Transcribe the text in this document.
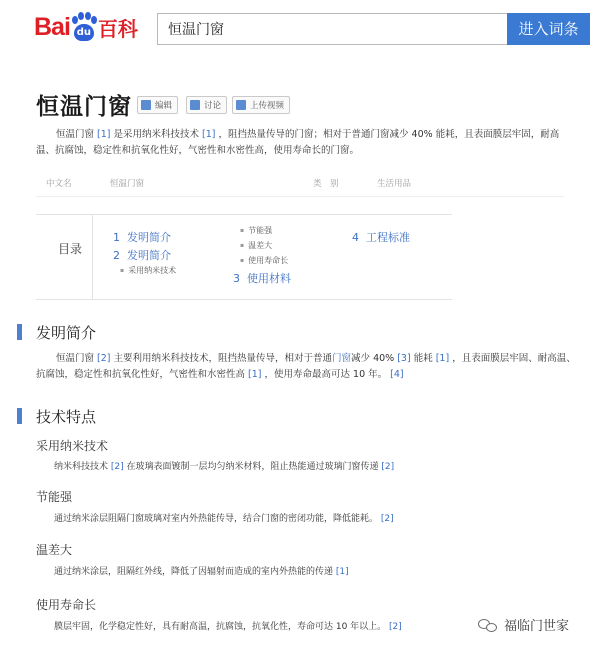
Bai du 百科	恒温门窗	进入词条
恒温门窗	编辑	讨论	上传视频
恒温门窗 [1] 是采用纳米科技技术 [1] ，阻挡热量传导的门窗；相对于普通门窗减少 40% 能耗，且表面膜层牢固，耐高温、抗腐蚀，稳定性和抗氧化性好，气密性和水密性高，使用寿命长的门窗。
中文名	恒温门窗	类　别	生活用品
目录
1 发明简介
2 发明简介
▪ 采用纳米技术
▪ 节能强
▪ 温差大
▪ 使用寿命长
3 使用材料
4 工程标准
发明简介
恒温门窗 [2] 主要利用纳米科技技术，阻挡热量传导，相对于普通门窗减少 40% [3] 能耗 [1] ，且表面膜层牢固、耐高温、抗腐蚀，稳定性和抗氧化性好，气密性和水密性高 [1] ，使用寿命最高可达 10 年。 [4]
技术特点
采用纳米技术
纳米科技技术 [2] 在玻璃表面镀制一层均匀纳米材料，阻止热能通过玻璃门窗传递 [2]
节能强
通过纳米涂层阻隔门窗玻璃对室内外热能传导，结合门窗的密闭功能，降低能耗。 [2]
温差大
通过纳米涂层，阻隔红外线，降低了因辐射而造成的室内外热能的传递 [1]
使用寿命长
膜层牢固，化学稳定性好，具有耐高温，抗腐蚀，抗氧化性，寿命可达 10 年以上。 [2]	福临门世家
